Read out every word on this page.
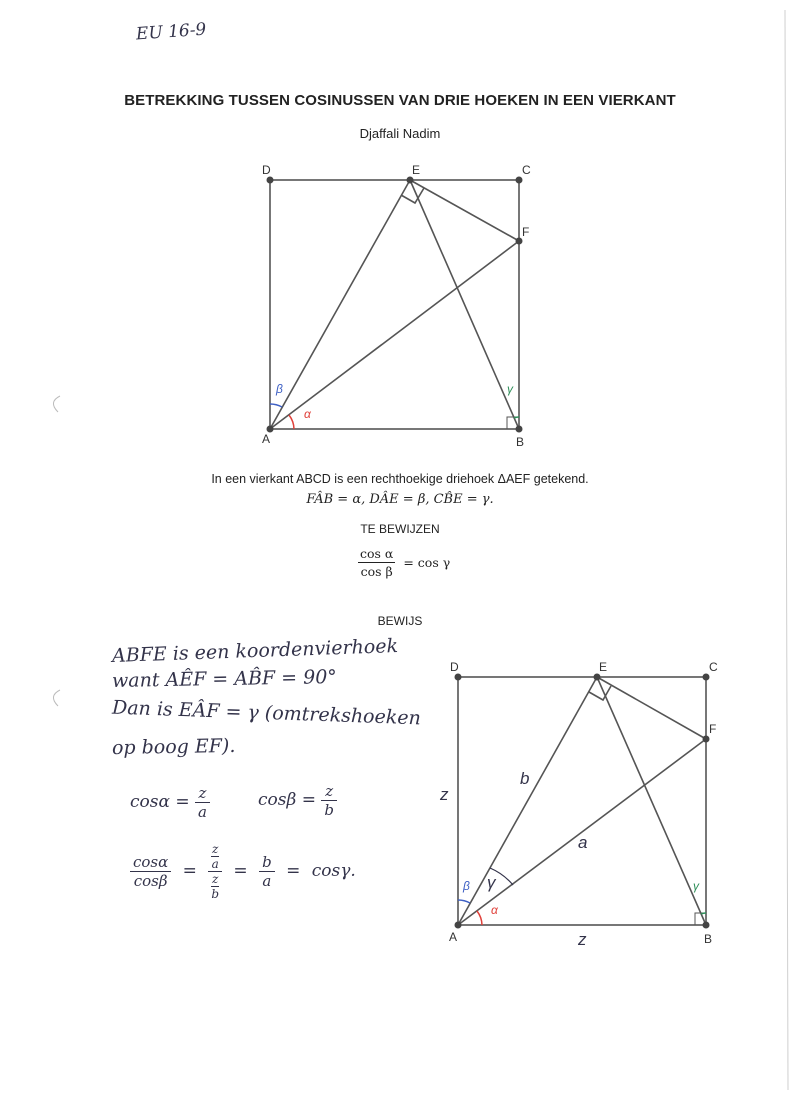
EU 16-9
BETREKKING TUSSEN COSINUSSEN VAN DRIE HOEKEN IN EEN VIERKANT
Djaffali Nadim
A	B
C
D	E
F
α
β	γ
In een vierkant ABCD is een rechthoekige driehoek ΔAEF getekend.
FÂB = α, DÂE = β, CB̂E = γ.
TE BEWIJZEN
$\frac{\text{cos α}}{\text{cos β}} = \cos \gamma$
BEWIJS
ABFE is een koordenvierhoek
want AÊF = AB̂F = 90°
Dan is EÂF = γ (omtrekshoeken
op boog EF).
$\cos\alpha = \frac{z}{a}$	$\cos\beta = \frac{z}{b}$
$\frac{\cos\alpha}{\cos\beta} = z$
a
z
$b = \frac{b}{a} = \cos\gamma$.
A	B
C
D	E
F
α
β	γ
γ
z
z
b
a
